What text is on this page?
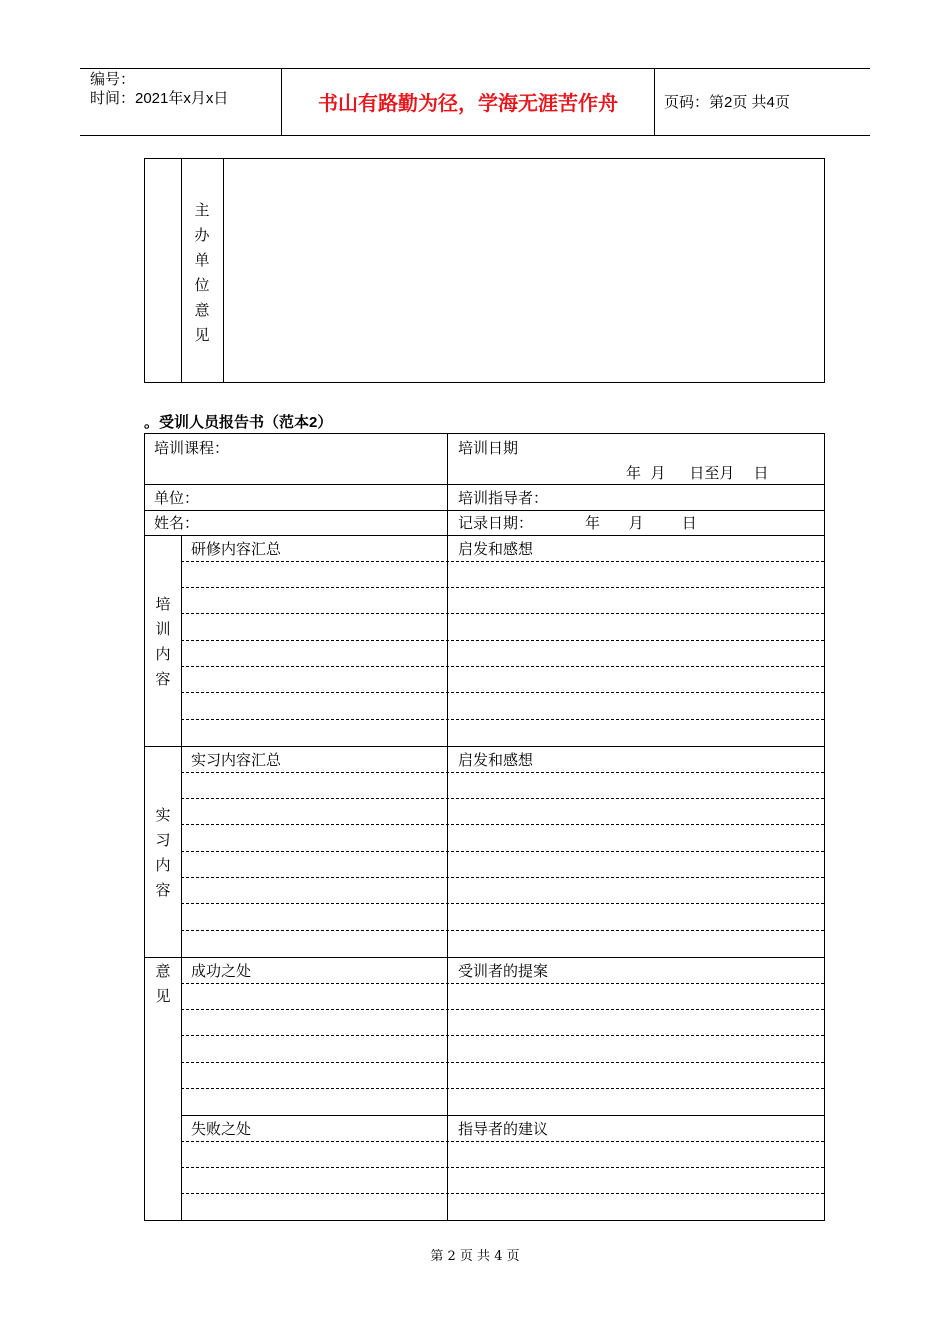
编号：
时间：2021年x月x日	书山有路勤为径，学海无涯苦作舟	页码：第2页 共4页
主
办
单
位
意
见
。受训人员报告书（范本2）
培训课程：	培训日期
年  月     日至月    日
单位：	培训指导者：
姓名：	记录日期：	年      月        日
培
训
内
容
研修内容汇总	启发和感想
实
习
内
容
实习内容汇总	启发和感想
意
见
成功之处	受训者的提案
失败之处	指导者的建议
第 2 页 共 4 页
